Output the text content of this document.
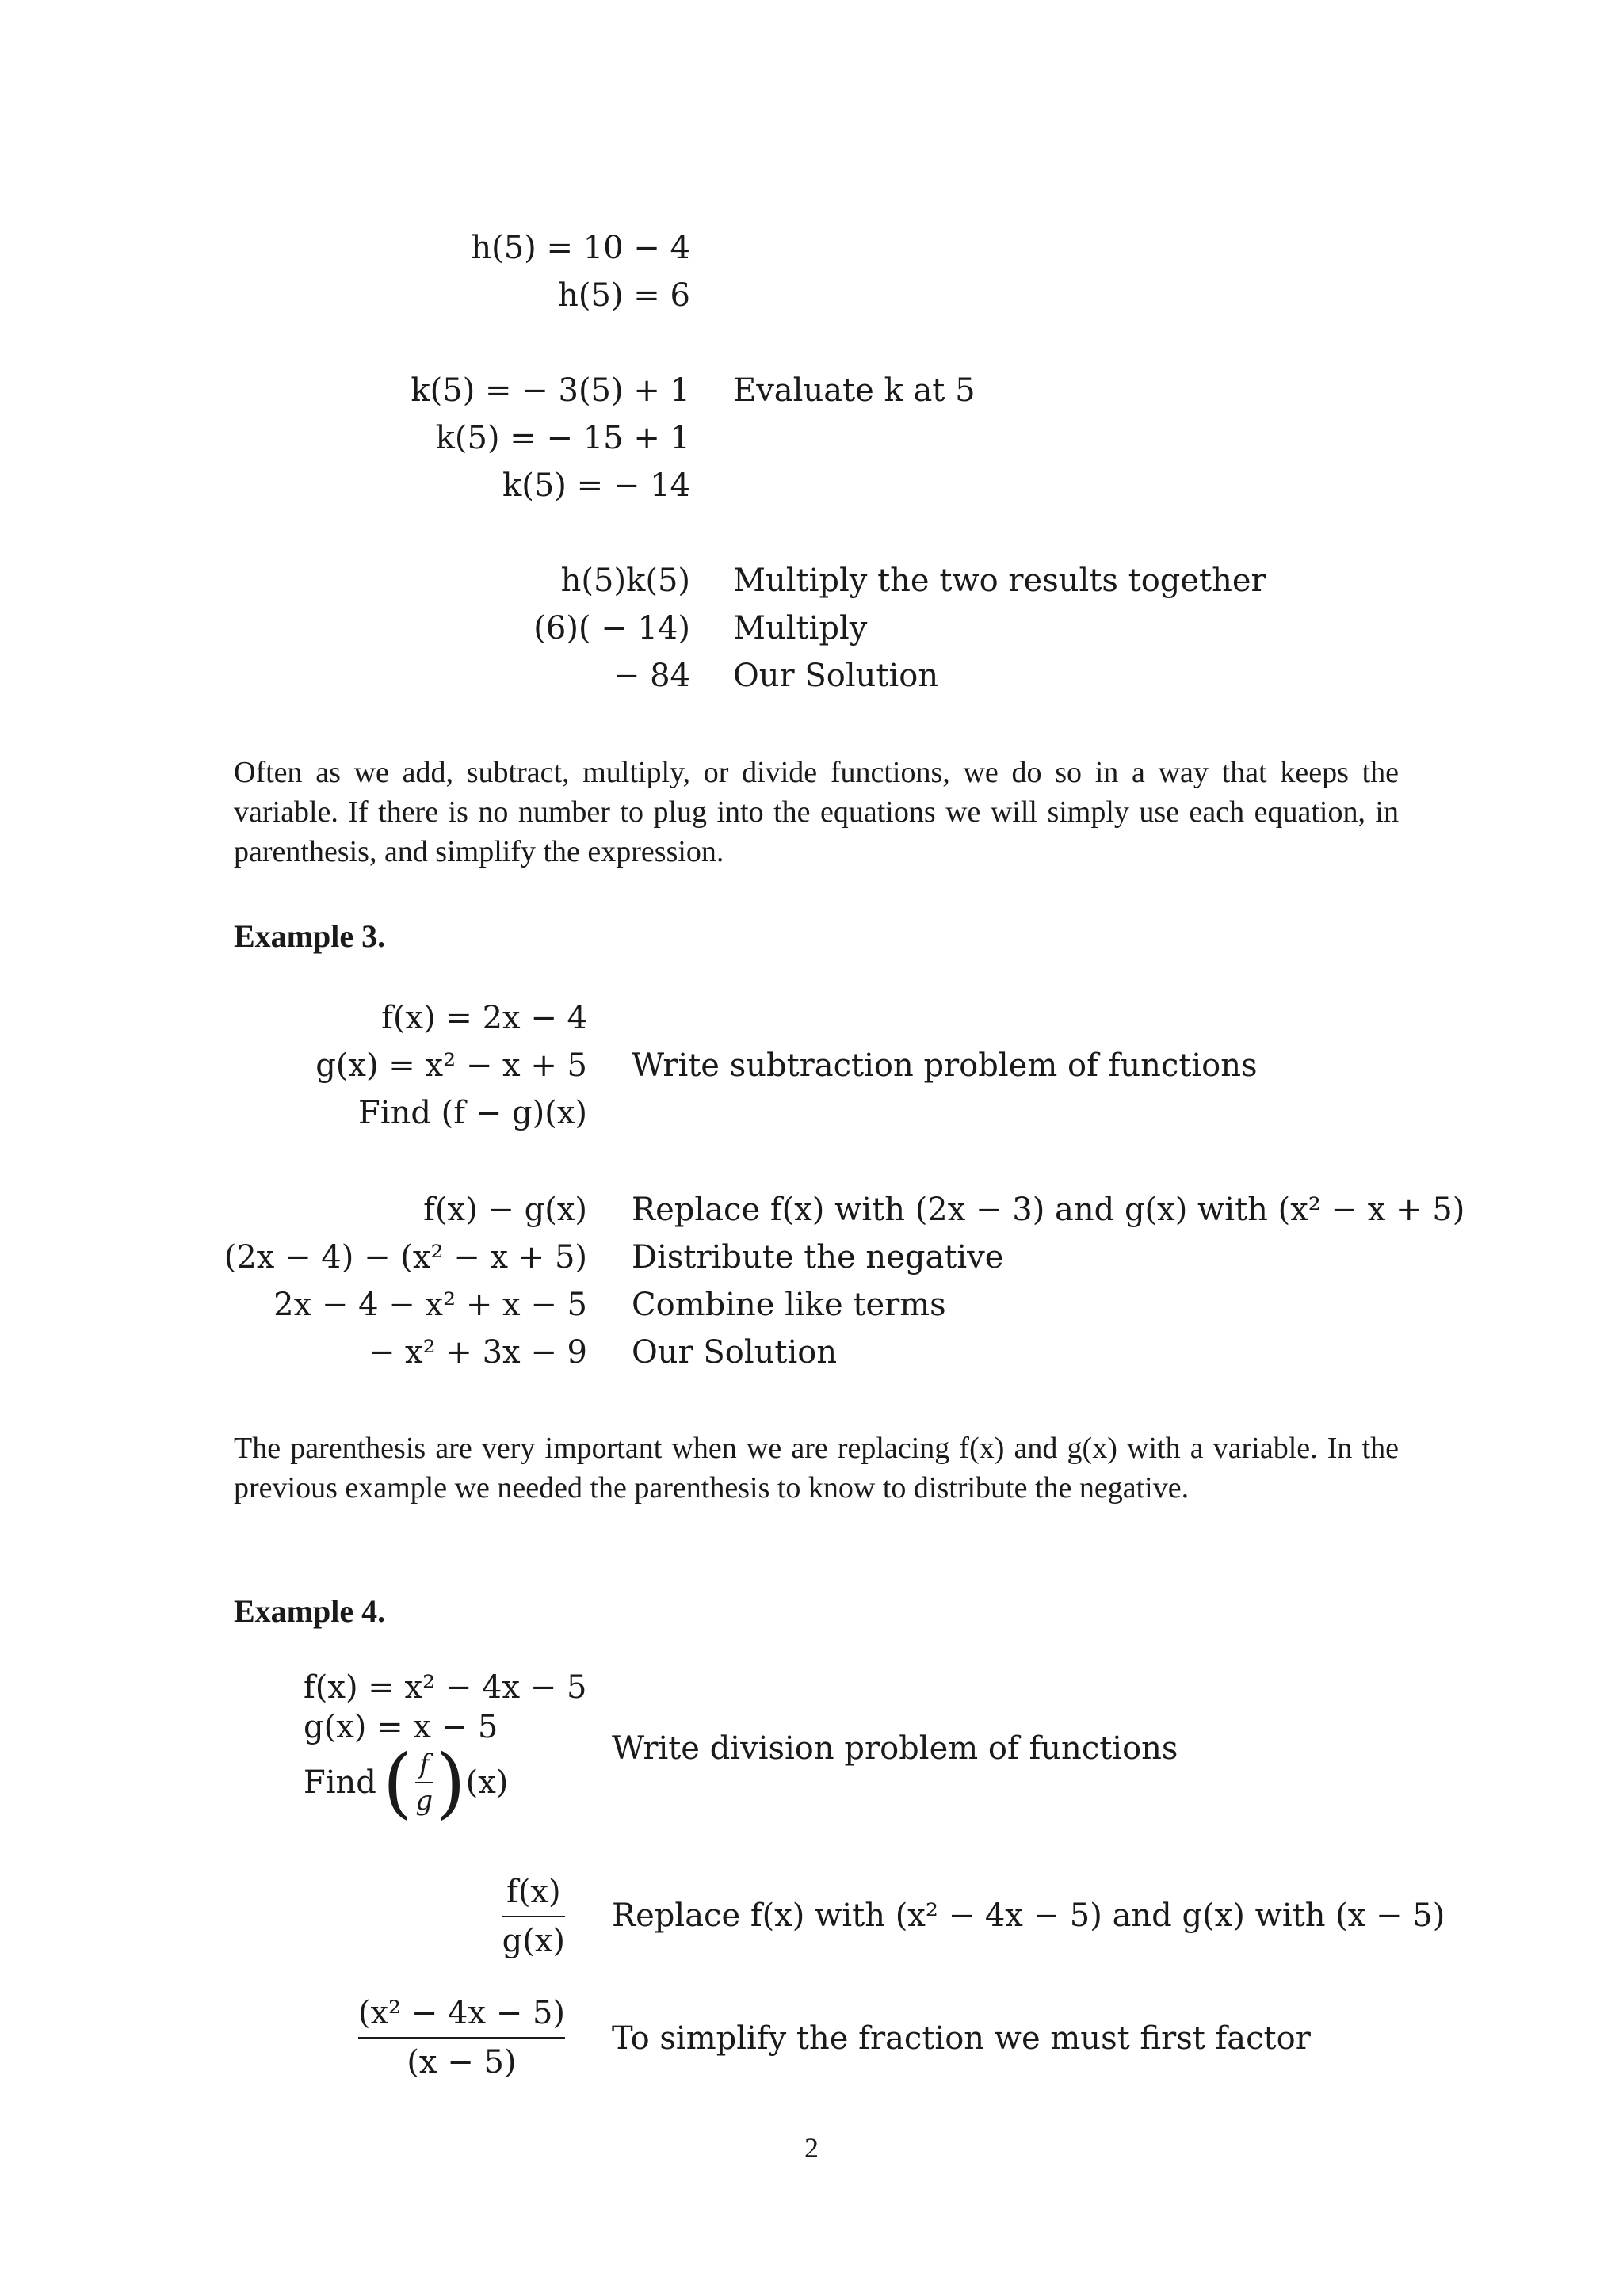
h(5) = 10 − 4
h(5) = 6
k(5) = − 3(5) + 1 Evaluate k at 5
k(5) = − 15 + 1
k(5) = − 14
h(5)k(5) Multiply the two results together
(6)( − 14) Multiply
− 84 Our Solution
Often as we add, subtract, multiply, or divide functions, we do so in a way that keeps the variable. If there is no number to plug into the equations we will simply use each equation, in parenthesis, and simplify the expression.
Example 3.
f(x) = 2x − 4
g(x) = x² − x + 5 Write subtraction problem of functions
Find (f − g)(x)
f(x) − g(x) Replace f(x) with (2x − 3) and g(x) with (x² − x + 5)
(2x − 4) − (x² − x + 5) Distribute the negative
2x − 4 − x² + x − 5 Combine like terms
− x² + 3x − 9 Our Solution
The parenthesis are very important when we are replacing f(x) and g(x) with a variable. In the previous example we needed the parenthesis to know to distribute the negative.
Example 4.
f(x) = x² − 4x − 5
g(x) = x − 5
Find ( f
g ) (x)
Write division problem of functions
f(x)
g(x)
Replace f(x) with (x² − 4x − 5) and g(x) with (x − 5)
(x² − 4x − 5)
(x − 5)
To simplify the fraction we must first factor
2
